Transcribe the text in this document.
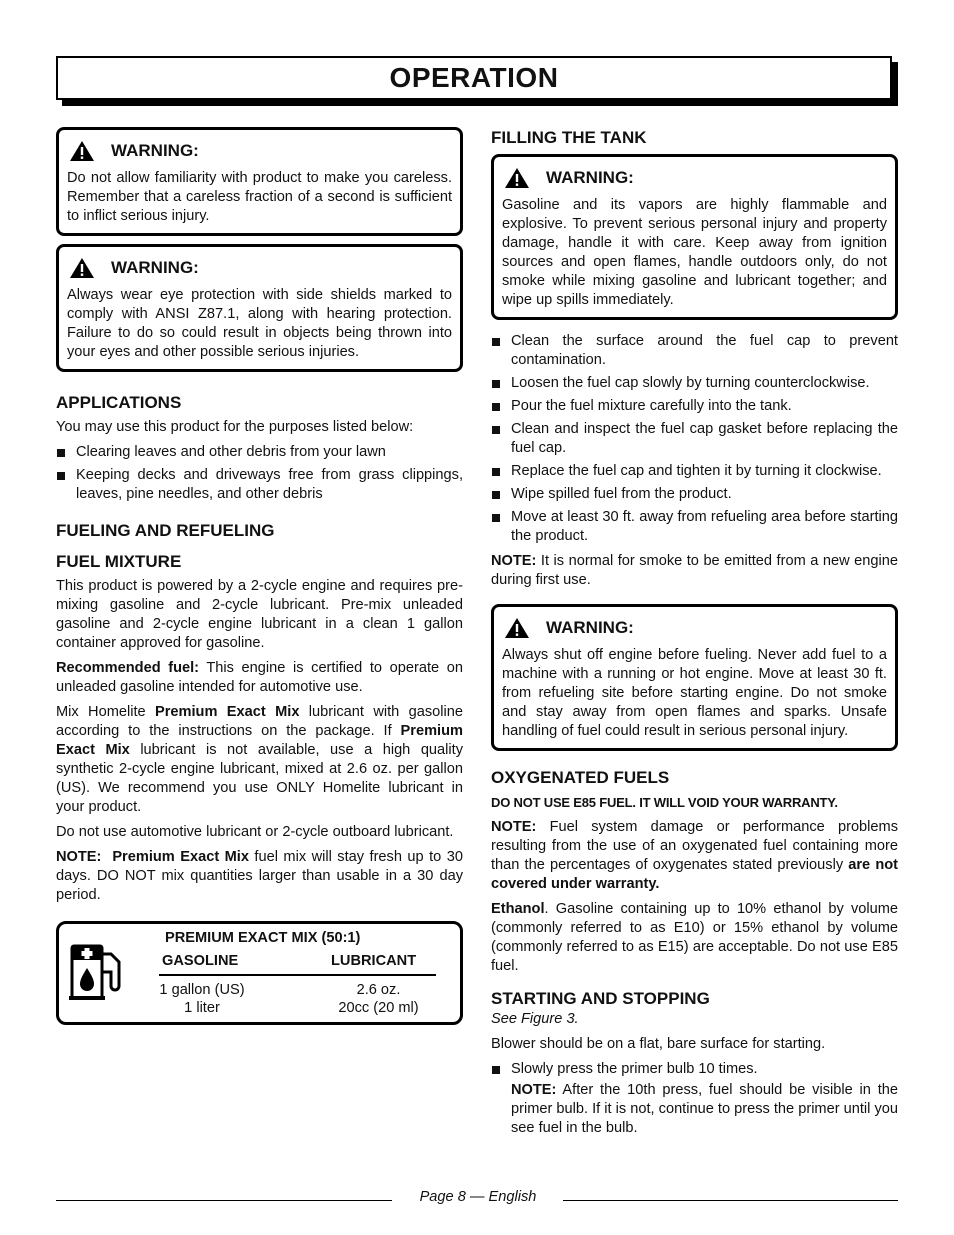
OPERATION
WARNING:

Do not allow familiarity with product to make you careless. Remember that a careless fraction of a second is sufficient to inflict serious injury.

WARNING:

Always wear eye protection with side shields marked to comply with ANSI Z87.1, along with hearing protection. Failure to do so could result in objects being thrown into your eyes and other possible serious injuries.

APPLICATIONS

You may use this product for the purposes listed below:

Clearing leaves and other debris from your lawn
Keeping decks and driveways free from grass clippings, leaves, pine needles, and other debris
FUELING AND REFUELING
FUEL MIXTURE

This product is powered by a 2-cycle engine and requires pre-mixing gasoline and 2-cycle lubricant. Pre-mix unleaded gasoline and 2-cycle engine lubricant in a clean 1 gallon container approved for gasoline.

Recommended fuel: This engine is certified to operate on unleaded gasoline intended for automotive use.

Mix Homelite Premium Exact Mix lubricant with gasoline according to the instructions on the package. If Premium Exact Mix lubricant is not available, use a high quality synthetic 2-cycle engine lubricant, mixed at 2.6 oz. per gallon (US). We recommend you use ONLY Homelite lubricant in your product.

Do not use automotive lubricant or 2-cycle outboard lubricant.

NOTE: Premium Exact Mix fuel mix will stay fresh up to 30 days. DO NOT mix quantities larger than usable in a 30 day period.

PREMIUM EXACT MIX (50:1)
GASOLINE	LUBRICANT
1 gallon (US)
1 liter
2.6 oz.
20cc (20 ml)
FILLING THE TANK
WARNING:

Gasoline and its vapors are highly flammable and explosive. To prevent serious personal injury and property damage, handle it with care. Keep away from ignition sources and open flames, handle outdoors only, do not smoke while mixing gasoline and lubricant together; and wipe up spills immediately.

Clean the surface around the fuel cap to prevent contamination.
Loosen the fuel cap slowly by turning counterclockwise.
Pour the fuel mixture carefully into the tank.
Clean and inspect the fuel cap gasket before replacing the fuel cap.
Replace the fuel cap and tighten it by turning it clockwise.
Wipe spilled fuel from the product.
Move at least 30 ft. away from refueling area before starting the product.

NOTE: It is normal for smoke to be emitted from a new engine during first use.

WARNING:

Always shut off engine before fueling. Never add fuel to a machine with a running or hot engine. Move at least 30 ft. from refueling site before starting engine. Do not smoke and stay away from open flames and sparks. Unsafe handling of fuel could result in serious personal injury.

OXYGENATED FUELS

DO NOT USE E85 FUEL. IT WILL VOID YOUR WARRANTY.

NOTE: Fuel system damage or performance problems resulting from the use of an oxygenated fuel containing more than the percentages of oxygenates stated previously are not covered under warranty.

Ethanol. Gasoline containing up to 10% ethanol by volume (commonly referred to as E10) or 15% ethanol by volume (commonly referred to as E15) are acceptable. Do not use E85 fuel.

STARTING AND STOPPING

See Figure 3.

Blower should be on a flat, bare surface for starting.

Slowly press the primer bulb 10 times.

NOTE: After the 10th press, fuel should be visible in the primer bulb. If it is not, continue to press the primer until you see fuel in the bulb.

Page 8 — English
